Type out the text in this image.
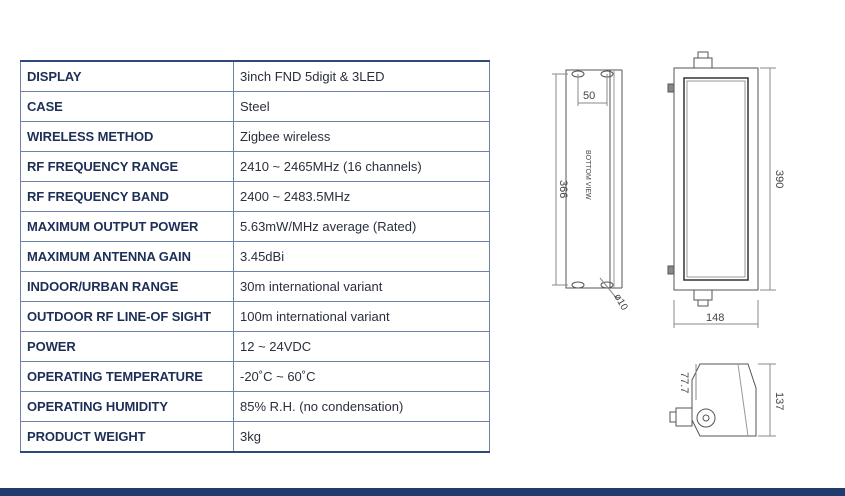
DISPLAY	3inch FND 5digit & 3LED
CASE	Steel
WIRELESS METHOD	Zigbee wireless
RF FREQUENCY RANGE	2410 ~ 2465MHz (16 channels)
RF FREQUENCY BAND	2400 ~ 2483.5MHz
MAXIMUM OUTPUT POWER	5.63mW/MHz average (Rated)
MAXIMUM ANTENNA GAIN	3.45dBi
INDOOR/URBAN RANGE	30m international variant
OUTDOOR RF LINE-OF SIGHT	100m international variant
POWER	12 ~ 24VDC
OPERATING TEMPERATURE	-20˚C ~ 60˚C
OPERATING HUMIDITY	85% R.H. (no condensation)
PRODUCT WEIGHT	3kg
50
366 BOTTOM VIEW
ø10
390
148
77.7
137
